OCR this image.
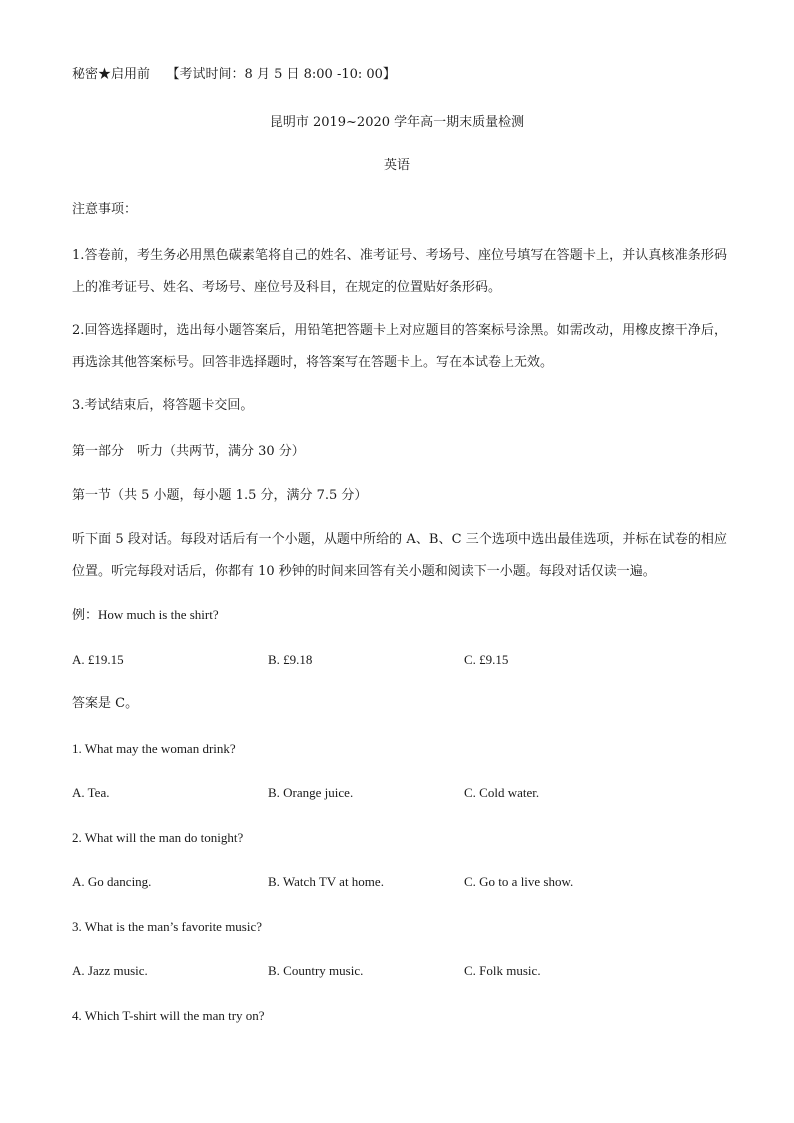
秘密★启用前 【考试时间：8 月 5 日 8:00 -10: 00】
昆明市 2019~2020 学年高一期末质量检测
英语
注意事项：
1.答卷前，考生务必用黑色碳素笔将自己的姓名、准考证号、考场号、座位号填写在答题卡上，并认真核准条形码上的准考证号、姓名、考场号、座位号及科目，在规定的位置贴好条形码。
2.回答选择题时，选出每小题答案后，用铅笔把答题卡上对应题目的答案标号涂黑。如需改动，用橡皮擦干净后，再选涂其他答案标号。回答非选择题时，将答案写在答题卡上。写在本试卷上无效。
3.考试结束后，将答题卡交回。
第一部分　听力（共两节，满分 30 分）
第一节（共 5 小题，每小题 1.5 分，满分 7.5 分）
听下面 5 段对话。每段对话后有一个小题，从题中所给的 A、B、C 三个选项中选出最佳选项，并标在试卷的相应位置。听完每段对话后，你都有 10 秒钟的时间来回答有关小题和阅读下一小题。每段对话仅读一遍。
例：How much is the shirt?
A. £19.15	B. £9.18	C. £9.15
答案是 C。
1. What may the woman drink?
A. Tea.	B. Orange juice.	C. Cold water.
2. What will the man do tonight?
A. Go dancing.	B. Watch TV at home.	C. Go to a live show.
3. What is the man’s favorite music?
A. Jazz music.	B. Country music.	C. Folk music.
4. Which T-shirt will the man try on?
